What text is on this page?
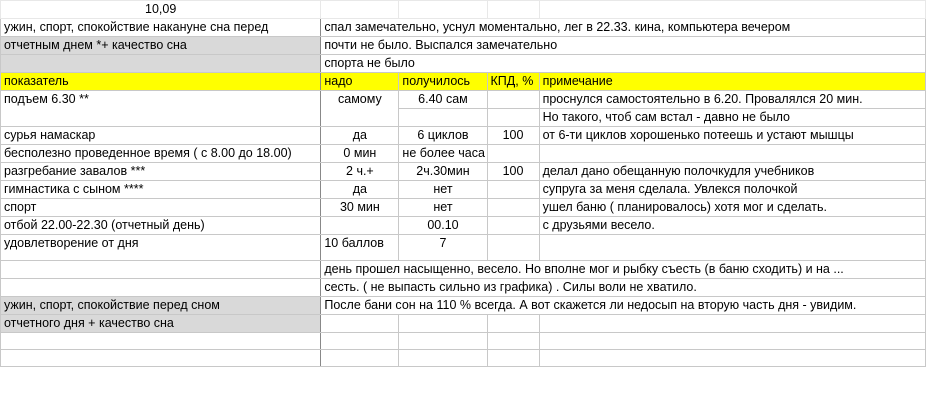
10,09				
ужин, спорт, спокойствие накануне сна перед	спал замечательно, уснул моментально, лег в 22.33. кина, компьютера вечером			
отчетным днем *+ качество сна	почти не было. Выспался замечательно			
	спорта не было			
показатель	надо	получилось	КПД, %	примечание
подъем 6.30 **	самому	6.40 сам		проснулся самостоятельно в 6.20. Провалялся 20 мин.
				Но такого, чтоб сам встал - давно не было
сурья намаскар	да	6 циклов	100	от 6-ти циклов хорошенько потеешь и устают мышцы
бесполезно проведенное время ( с 8.00 до 18.00)	0 мин	не более часа		
разгребание завалов ***	2 ч.+	2ч.30мин	100	делал дано обещанную полочкудля учебников
гимнастика с сыном ****	да	нет		супруга за меня сделала. Увлекся полочкой
спорт	30 мин	нет		ушел баню ( планировалось) хотя мог и сделать.
отбой 22.00-22.30 (отчетный день)		00.10		с друзьями весело.
удовлетворение от дня	10 баллов	7		
	день прошел насыщенно, весело. Но вполне мог и рыбку съесть (в баню сходить) и на ...			
	сесть. ( не выпасть сильно из графика) . Силы воли не хватило.			
ужин, спорт, спокойствие перед сном	После бани сон на 110 % всегда. А вот скажется ли недосып на вторую часть дня - увидим.			
отчетного дня + качество сна				
